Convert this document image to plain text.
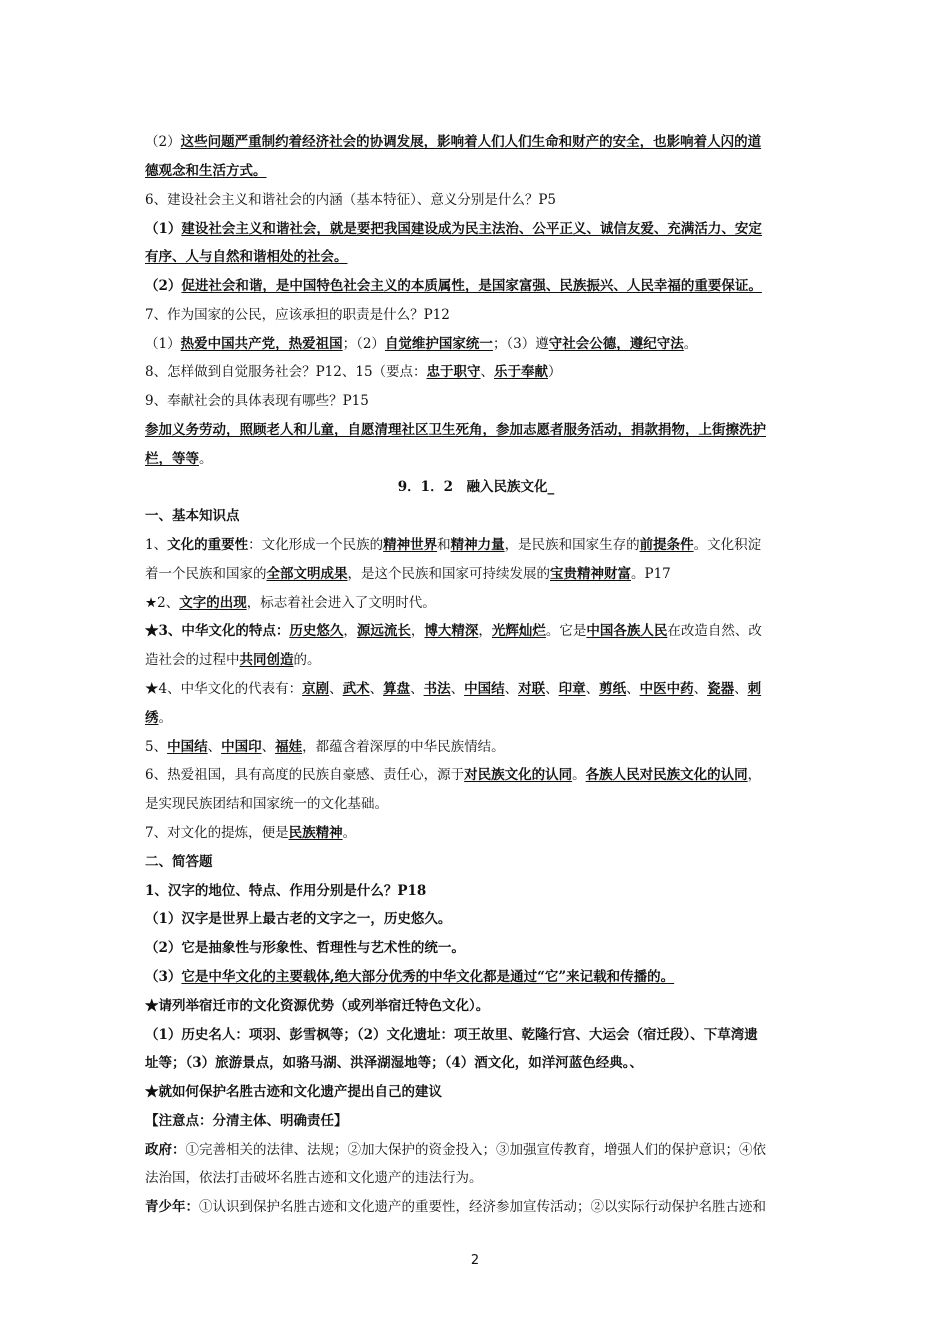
（2）这些问题严重制约着经济社会的协调发展，影响着人们人们生命和财产的安全，也影响着人闪的道
德观念和生活方式。
6、建设社会主义和谐社会的内涵（基本特征）、意义分别是什么？P5
（1）建设社会主义和谐社会，就是要把我国建设成为民主法治、公平正义、诚信友爱、充满活力、安定
有序、人与自然和谐相处的社会。
（2）促进社会和谐，是中国特色社会主义的本质属性，是国家富强、民族振兴、人民幸福的重要保证。
7、作为国家的公民，应该承担的职责是什么？P12
（1）热爱中国共产党，热爱祖国；（2）自觉维护国家统一；（3）遵守社会公德，遵纪守法。
8、怎样做到自觉服务社会？P12、15（要点：忠于职守、乐于奉献）
9、奉献社会的具体表现有哪些？P15
参加义务劳动，照顾老人和儿童，自愿清理社区卫生死角，参加志愿者服务活动，捐款捐物，上街擦洗护
栏，等等。
9．1．2　融入民族文化_
一、基本知识点
1、文化的重要性：文化形成一个民族的精神世界和精神力量，是民族和国家生存的前提条件。文化积淀
着一个民族和国家的全部文明成果，是这个民族和国家可持续发展的宝贵精神财富。P17
★2、文字的出现，标志着社会进入了文明时代。
★3、中华文化的特点：历史悠久，源远流长，博大精深，光辉灿烂。它是中国各族人民在改造自然、改
造社会的过程中共同创造的。
★4、中华文化的代表有：京剧、武术、算盘、书法、中国结、对联、印章、剪纸、中医中药、瓷器、刺
绣。
5、中国结、中国印、福娃，都蕴含着深厚的中华民族情结。
6、热爱祖国，具有高度的民族自豪感、责任心，源于对民族文化的认同。各族人民对民族文化的认同，
是实现民族团结和国家统一的文化基础。
7、对文化的提炼，便是民族精神。
二、简答题
1、汉字的地位、特点、作用分别是什么？P18
（1）汉字是世界上最古老的文字之一，历史悠久。
（2）它是抽象性与形象性、哲理性与艺术性的统一。
（3）它是中华文化的主要载体,绝大部分优秀的中华文化都是通过“它”来记载和传播的。
★请列举宿迁市的文化资源优势（或列举宿迁特色文化）。
（1）历史名人：项羽、彭雪枫等；（2）文化遗址：项王故里、乾隆行宫、大运会（宿迁段）、下草湾遗
址等；（3）旅游景点，如骆马湖、洪泽湖湿地等；（4）酒文化，如洋河蓝色经典。、
★就如何保护名胜古迹和文化遗产提出自己的建议
【注意点：分清主体、明确责任】
政府：①完善相关的法律、法规；②加大保护的资金投入；③加强宣传教育，增强人们的保护意识；④依
法治国，依法打击破坏名胜古迹和文化遗产的违法行为。
青少年：①认识到保护名胜古迹和文化遗产的重要性，经济参加宣传活动；②以实际行动保护名胜古迹和
2
